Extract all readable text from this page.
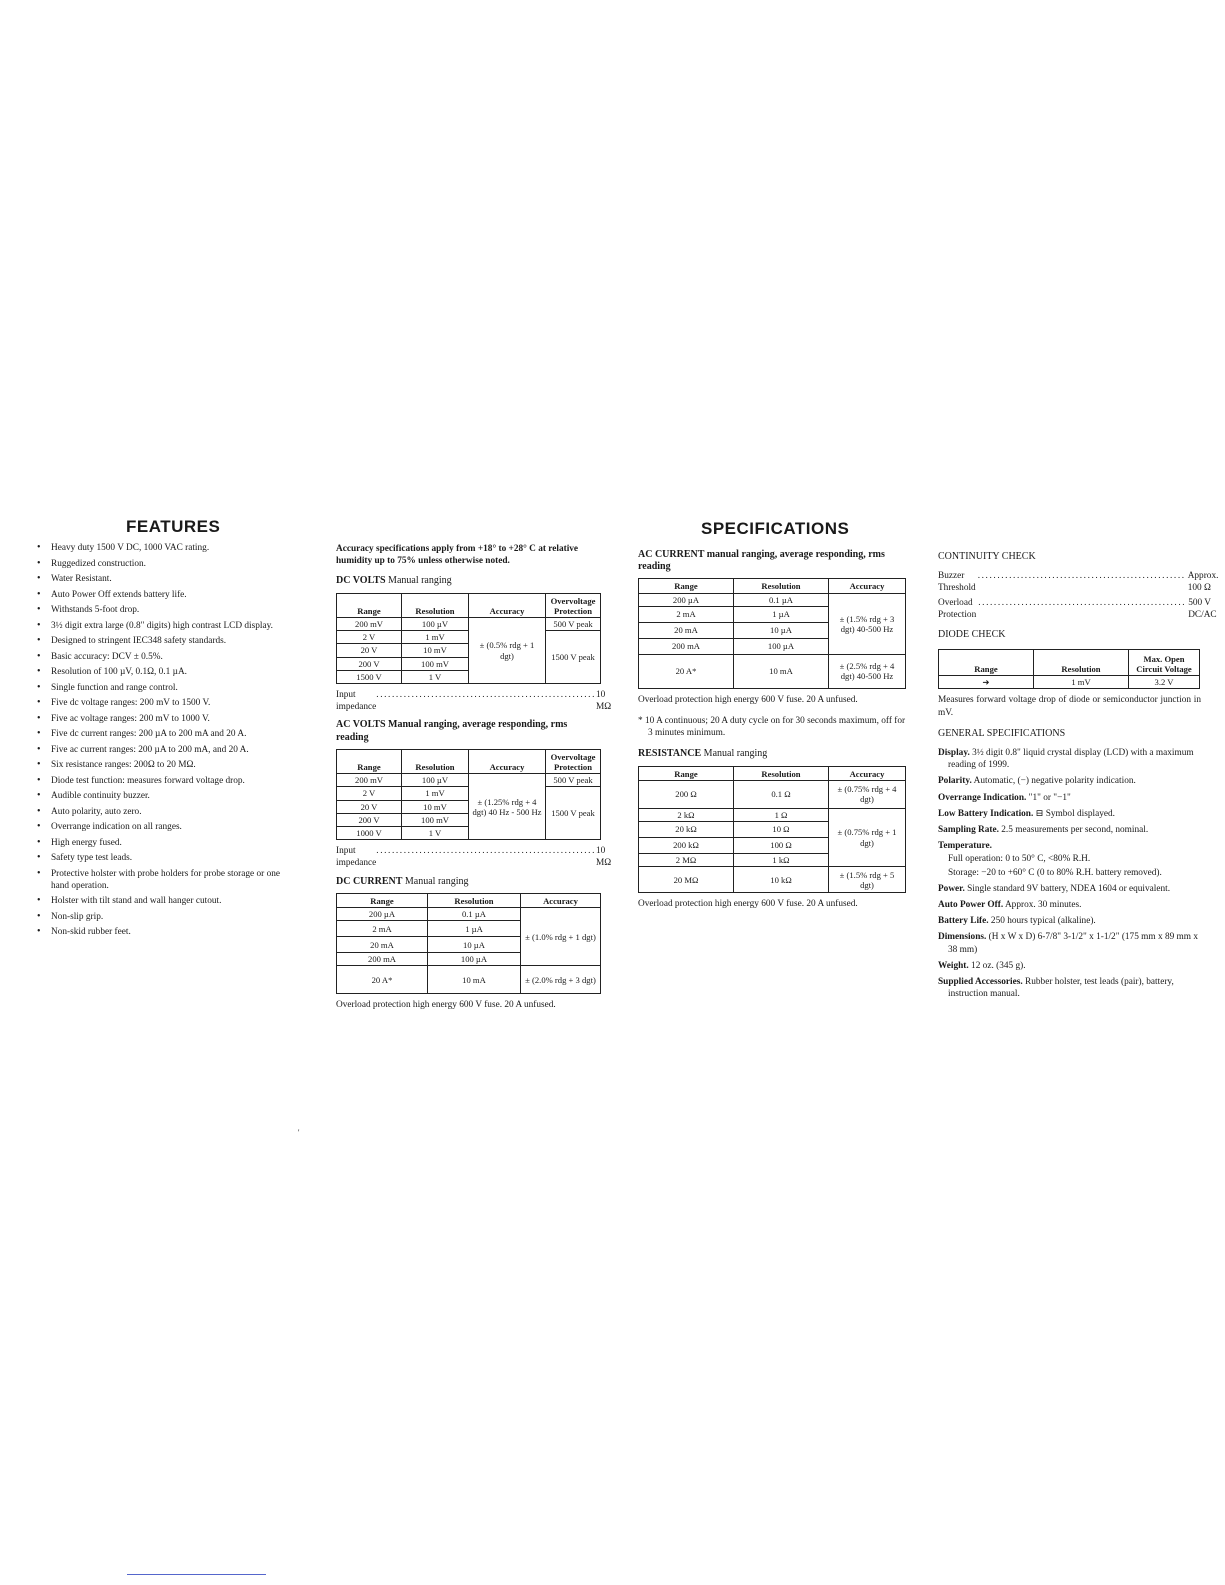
FEATURES
• Heavy duty 1500 V DC, 1000 VAC rating.
• Ruggedized construction.
• Water Resistant.
• Auto Power Off extends battery life.
• Withstands 5-foot drop.
• 3½ digit extra large (0.8" digits) high contrast LCD display.
• Designed to stringent IEC348 safety standards.
• Basic accuracy: DCV ± 0.5%.
• Resolution of 100 µV, 0.1Ω, 0.1 µA.
• Single function and range control.
• Five dc voltage ranges: 200 mV to 1500 V.
• Five ac voltage ranges: 200 mV to 1000 V.
• Five dc current ranges: 200 µA to 200 mA and 20 A.
• Five ac current ranges: 200 µA to 200 mA, and 20 A.
• Six resistance ranges: 200Ω to 20 MΩ.
• Diode test function: measures forward voltage drop.
• Audible continuity buzzer.
• Auto polarity, auto zero.
• Overrange indication on all ranges.
• High energy fused.
• Safety type test leads.
• Protective holster with probe holders for probe storage or one hand operation.
• Holster with tilt stand and wall hanger cutout.
• Non-slip grip.
• Non-skid rubber feet.

Accuracy specifications apply from +18° to +28° C at relative humidity up to 75% unless otherwise noted.

DC VOLTS Manual ranging
Range	Resolution	Accuracy	Overvoltage Protection
200 mV	100 µV	± (0.5% rdg + 1 dgt)	500 V peak
2 V	1 mV		1500 V peak
20 V	10 mV		
200 V	100 mV		
1500 V	1 V		
Input impedance
........................................................ 10 MΩ
AC VOLTS Manual ranging, average responding, rms reading
Range	Resolution	Accuracy	Overvoltage Protection
200 mV	100 µV	± (1.25% rdg + 4 dgt) 40 Hz - 500 Hz	500 V peak
2 V	1 mV		1500 V peak
20 V	10 mV		
200 V	100 mV		
1000 V	1 V		
Input impedance
........................................................ 10 MΩ
DC CURRENT Manual ranging
Range	Resolution	Accuracy
200 µA	0.1 µA	± (1.0% rdg + 1 dgt)
2 mA	1 µA	
20 mA	10 µA	
200 mA	100 µA	
20 A*	10 mA	± (2.0% rdg + 3 dgt)

Overload protection high energy 600 V fuse. 20 A unfused.

SPECIFICATIONS
AC CURRENT manual ranging, average responding, rms reading
Range	Resolution	Accuracy
200 µA	0.1 µA	± (1.5% rdg + 3 dgt) 40-500 Hz
2 mA	1 µA	
20 mA	10 µA	
200 mA	100 µA	
20 A*	10 mA	± (2.5% rdg + 4 dgt) 40-500 Hz

Overload protection high energy 600 V fuse. 20 A unfused.

* 10 A continuous; 20 A duty cycle on for 30 seconds maximum, off for 3 minutes minimum.

RESISTANCE Manual ranging
Range	Resolution	Accuracy
200 Ω	0.1 Ω	± (0.75% rdg + 4 dgt)
2 kΩ	1 Ω	± (0.75% rdg + 1 dgt)
20 kΩ	10 Ω	
200 kΩ	100 Ω	
2 MΩ	1 kΩ	
20 MΩ	10 kΩ	± (1.5% rdg + 5 dgt)

Overload protection high energy 600 V fuse. 20 A unfused.

CONTINUITY CHECK
Buzzer Threshold
..................................................... Approx. 100 Ω
Overload Protection
..................................................... 500 V DC/AC
DIODE CHECK
Range	Resolution	Max. Open Circuit Voltage
➜	1 mV	3.2 V

Measures forward voltage drop of diode or semiconductor junction in mV.

GENERAL SPECIFICATIONS

Display. 3½ digit 0.8" liquid crystal display (LCD) with a maximum reading of 1999.

Polarity. Automatic, (−) negative polarity indication.

Overrange Indication. "1" or "−1"

Low Battery Indication. ⊟ Symbol displayed.

Sampling Rate. 2.5 measurements per second, nominal.

Temperature.

Full operation: 0 to 50° C, <80% R.H.

Storage: −20 to +60° C (0 to 80% R.H. battery removed).

Power. Single standard 9V battery, NDEA 1604 or equivalent.

Auto Power Off. Approx. 30 minutes.

Battery Life. 250 hours typical (alkaline).

Dimensions. (H x W x D) 6-7/8" 3-1/2" x 1-1/2" (175 mm x 89 mm x 38 mm)

Weight. 12 oz. (345 g).

Supplied Accessories. Rubber holster, test leads (pair), battery, instruction manual.

'
